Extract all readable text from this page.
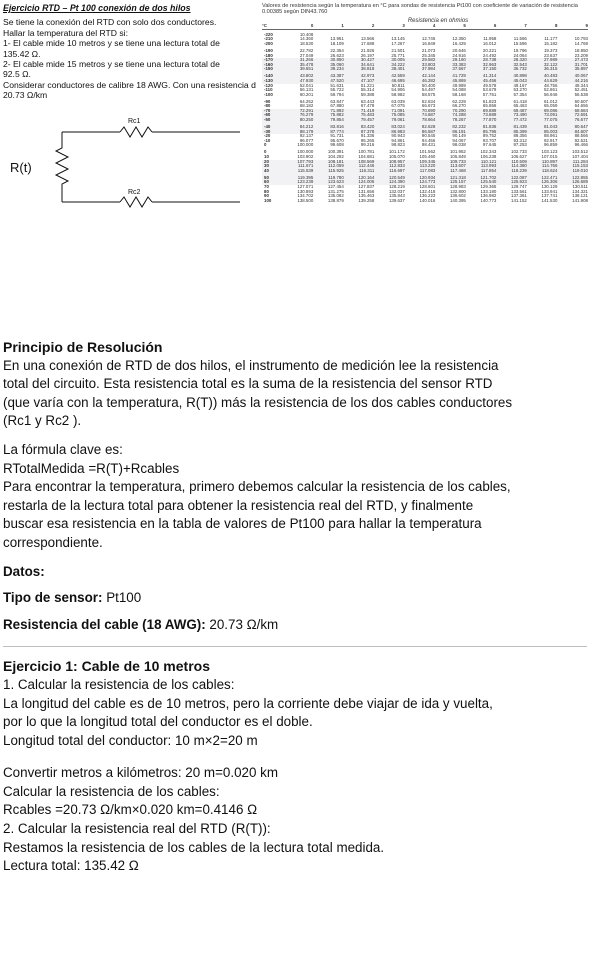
Ejercicio RTD – Pt 100 conexión de dos hilos
Se tiene la conexión del RTD con solo dos conductores.
Hallar la temperatura del RTD si:
1- El cable mide 10 metros y se tiene una lectura total de
135.42 Ω.
2- El cable mide 15 metros y se tiene una lectura total de
92.5 Ω.
Considerar conductores de calibre 18 AWG. Con una resistencia d
20.73 Ω/km
R(t)
Rc1
Rc2
Valores de resistencia según la temperatura en °C para sondas de resistencia Pt100 con coeficiente de variación de resistencia 0.00385 según DIN43.760
Resistencia en ohmios
°C	0	1	2	3	4	5	6	7	8	9
-220	10.408									
-210	14.360	13.961	13.566	13.145	12.746	12.350	11.958	11.566	11.177	10.793
-200	18.530	18.109	17.688	17.267	16.849	16.429	16.012	15.596	15.182	14.769
-190	22.782	22.354	21.926	21.501	21.073	20.646	20.221	19.796	19.373	18.950
-180	27.049	26.623	26.197	25.771	25.345	24.916	24.492	24.064	23.637	23.209
-170	31.266	30.850	30.427	30.005	29.582	29.160	28.738	28.320	27.989	27.473
-160	35.478	35.060	34.641	34.222	33.803	33.383	32.963	32.543	32.122	31.701
-150	39.651	39.234	38.818	38.401	37.984	37.567	37.150	36.732	36.315	35.897
-140	43.802	43.387	42.973	42.559	42.144	41.729	41.314	40.898	40.483	40.067
-130	47.930	47.520	47.107	46.695	46.282	45.869	45.456	45.043	44.629	44.216
-120	52.041	51.631	51.221	50.811	50.400	49.989	49.578	49.167	48.756	48.344
-110	56.131	55.722	55.314	54.906	54.497	54.088	53.679	53.270	52.861	52.451
-100	60.201	59.794	59.388	58.982	58.575	58.168	57.761	57.354	56.946	56.538
-90	64.252	63.847	63.443	63.039	62.634	62.229	61.823	61.418	61.012	60.607
-80	68.182	67.880	67.478	67.075	66.673	66.270	65.866	65.463	65.059	64.656
-70	72.291	71.892	71.419	71.091	70.690	70.290	69.889	69.487	69.086	68.684
-60	76.279	75.882	75.483	75.085	74.687	74.288	73.889	73.490	73.091	72.691
-50	80.250	79.854	79.457	79.061	78.664	78.267	77.870	77.472	77.075	76.677
-40	84.212	83.816	83.420	83.024	82.628	82.232	81.836	81.439	81.043	80.647
-30	88.179	87.774	87.378	86.983	86.587	86.191	85.795	85.399	85.003	84.607
-20	92.137	91.731	91.336	90.943	90.545	90.149	89.752	89.356	88.961	88.566
-10	96.077	95.670	95.265	94.861	94.456	94.067	93.707	93.312	92.917	92.521
0	100.000	99.608	99.216	98.823	98.431	98.038	97.645	97.253	96.859	96.466
0	100.000	100.391	100.781	101.172	101.562	101.952	102.343	102.733	103.123	103.512
10	103.902	104.292	104.681	105.070	105.460	105.849	106.238	106.627	107.015	107.404
20	107.793	108.181	108.569	108.957	109.345	109.733	110.121	110.509	110.897	111.284
30	111.671	112.059	112.446	112.833	113.220	113.607	113.993	114.380	114.766	115.153
40	115.539	115.925	116.311	116.697	117.083	117.468	117.854	118.239	118.624	119.010
50	119.395	119.780	120.164	120.549	120.934	121.318	121.702	122.087	122.471	122.855
60	123.239	123.623	124.006	124.390	124.773	125.157	125.540	125.923	126.306	126.689
70	127.071	127.454	127.837	128.219	128.601	128.983	129.365	129.747	130.129	130.511
80	130.893	131.275	131.656	132.037	132.418	132.800	133.180	133.561	133.941	134.321
90	134.702	135.082	135.463	135.843	136.223	136.602	136.982	137.361	137.741	138.121
100	138.500	138.879	139.258	139.637	140.016	140.395	140.773	141.152	141.530	141.908

Principio de Resolución

En una conexión de RTD de dos hilos, el instrumento de medición lee la resistencia

total del circuito. Esta resistencia total es la suma de la resistencia del sensor RTD

(que varía con la temperatura, R(T)) más la resistencia de los dos cables conductores

(Rc1 y Rc2 ).

La fórmula clave es:

RTotalMedida =R(T)+Rcables

Para encontrar la temperatura, primero debemos calcular la resistencia de los cables,

restarla de la lectura total para obtener la resistencia real del RTD, y finalmente

buscar esa resistencia en la tabla de valores de Pt100 para hallar la temperatura

correspondiente.

Datos:

Tipo de sensor: Pt100

Resistencia del cable (18 AWG): 20.73 Ω/km

Ejercicio 1: Cable de 10 metros

1. Calcular la resistencia de los cables:

La longitud del cable es de 10 metros, pero la corriente debe viajar de ida y vuelta,

por lo que la longitud total del conductor es el doble.

Longitud total del conductor: 10 m×2=20 m

Convertir metros a kilómetros: 20 m=0.020 km

Calcular la resistencia de los cables:

Rcables =20.73 Ω/km×0.020 km=0.4146 Ω

2. Calcular la resistencia real del RTD (R(T)):

Restamos la resistencia de los cables de la lectura total medida.

Lectura total: 135.42 Ω
